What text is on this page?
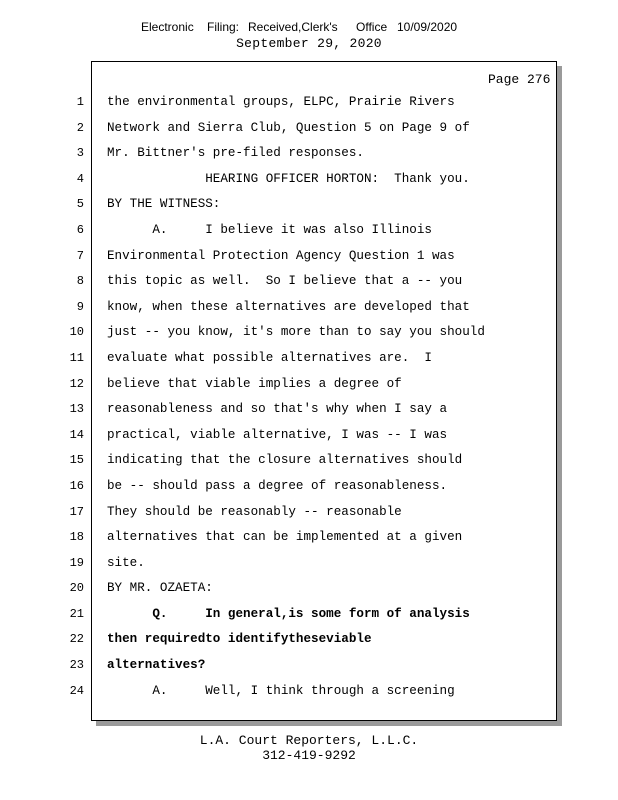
Electronic Filing: Received,Clerk's Office 10/09/2020
September 29, 2020
Page 276
1
2
3
4
5
6
7
8
9
10
11
12
13
14
15
16
17
18
19
20
21
22
23
24
the environmental groups, ELPC, Prairie Rivers
Network and Sierra Club, Question 5 on Page 9 of
Mr. Bittner's pre-filed responses.
HEARING OFFICER HORTON:  Thank you.
BY THE WITNESS:
A.     I believe it was also Illinois
Environmental Protection Agency Question 1 was
this topic as well.  So I believe that a -- you
know, when these alternatives are developed that
just -- you know, it's more than to say you should
evaluate what possible alternatives are.  I
believe that viable implies a degree of
reasonableness and so that's why when I say a
practical, viable alternative, I was -- I was
indicating that the closure alternatives should
be -- should pass a degree of reasonableness.
They should be reasonably -- reasonable
alternatives that can be implemented at a given
site.
BY MR. OZAETA:
Q.     In general,is some form of analysis
then requiredto identifytheseviable
alternatives?
A.     Well, I think through a screening
L.A. Court Reporters, L.L.C.
312-419-9292
